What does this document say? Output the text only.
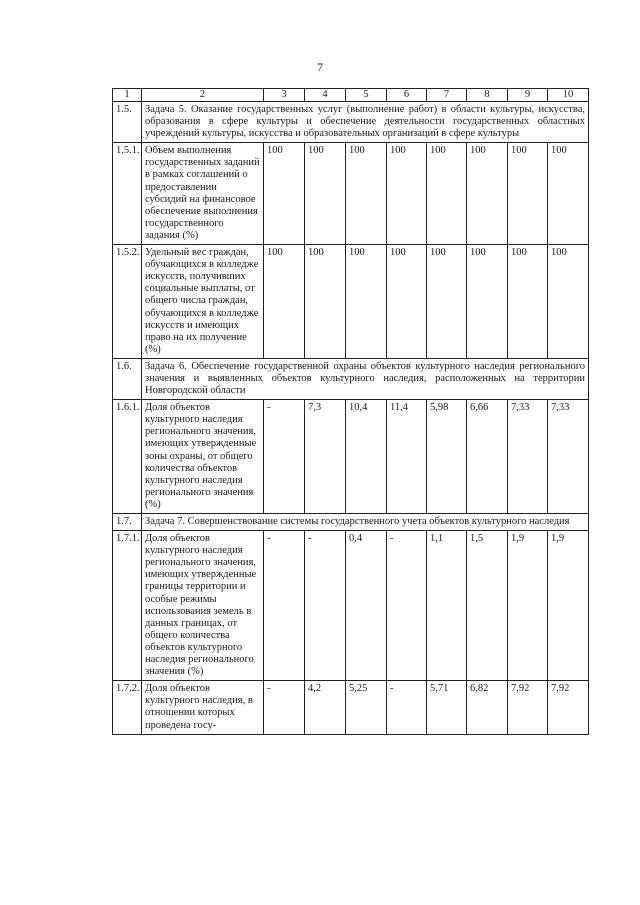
7
1	2	3	4	5	6	7	8	9	10
1.5.	Задача 5. Оказание государственных услуг (выполнение работ) в области культуры, искусства, образования в сфере культуры и обеспечение деятельности государственных областных учреждений культуры, искусства и образовательных организаций в сфере культуры								
1.5.1.	Объем выполнения государственных заданий в рамках соглашений о предоставлении субсидий на финансовое обеспечение выполнения государственного задания (%)	100	100	100	100	100	100	100	100
1.5.2.	Удельный вес граждан, обучающихся в колледже искусств, получивших социальные выплаты, от общего числа граждан, обучающихся в колледже искусств и имеющих право на их получение (%)	100	100	100	100	100	100	100	100
1.6.	Задача 6. Обеспечение государственной охраны объектов культурного наследия регионального значения и выявленных объектов культурного наследия, расположенных на территории Новгородской области								
1.6.1.	Доля объектов культурного наследия регионального значения, имеющих утвержденные зоны охраны, от общего количества объектов культурного наследия регионального значения (%)	-	7,3	10,4	11,4	5,98	6,66	7,33	7,33
1.7.	Задача 7. Совершенствование системы государственного учета объектов культурного наследия								
1.7.1.	Доля объектов культурного наследия регионального значения, имеющих утвержденные границы территории и особые режимы использования земель в данных границах, от общего количества объектов культурного наследия регионального значения (%)	-	-	0,4	-	1,1	1,5	1,9	1,9
1.7.2.	Доля объектов культурного наследия, в отношении которых проведена госу-	-	4,2	5,25	-	5,71	6,82	7,92	7,92
